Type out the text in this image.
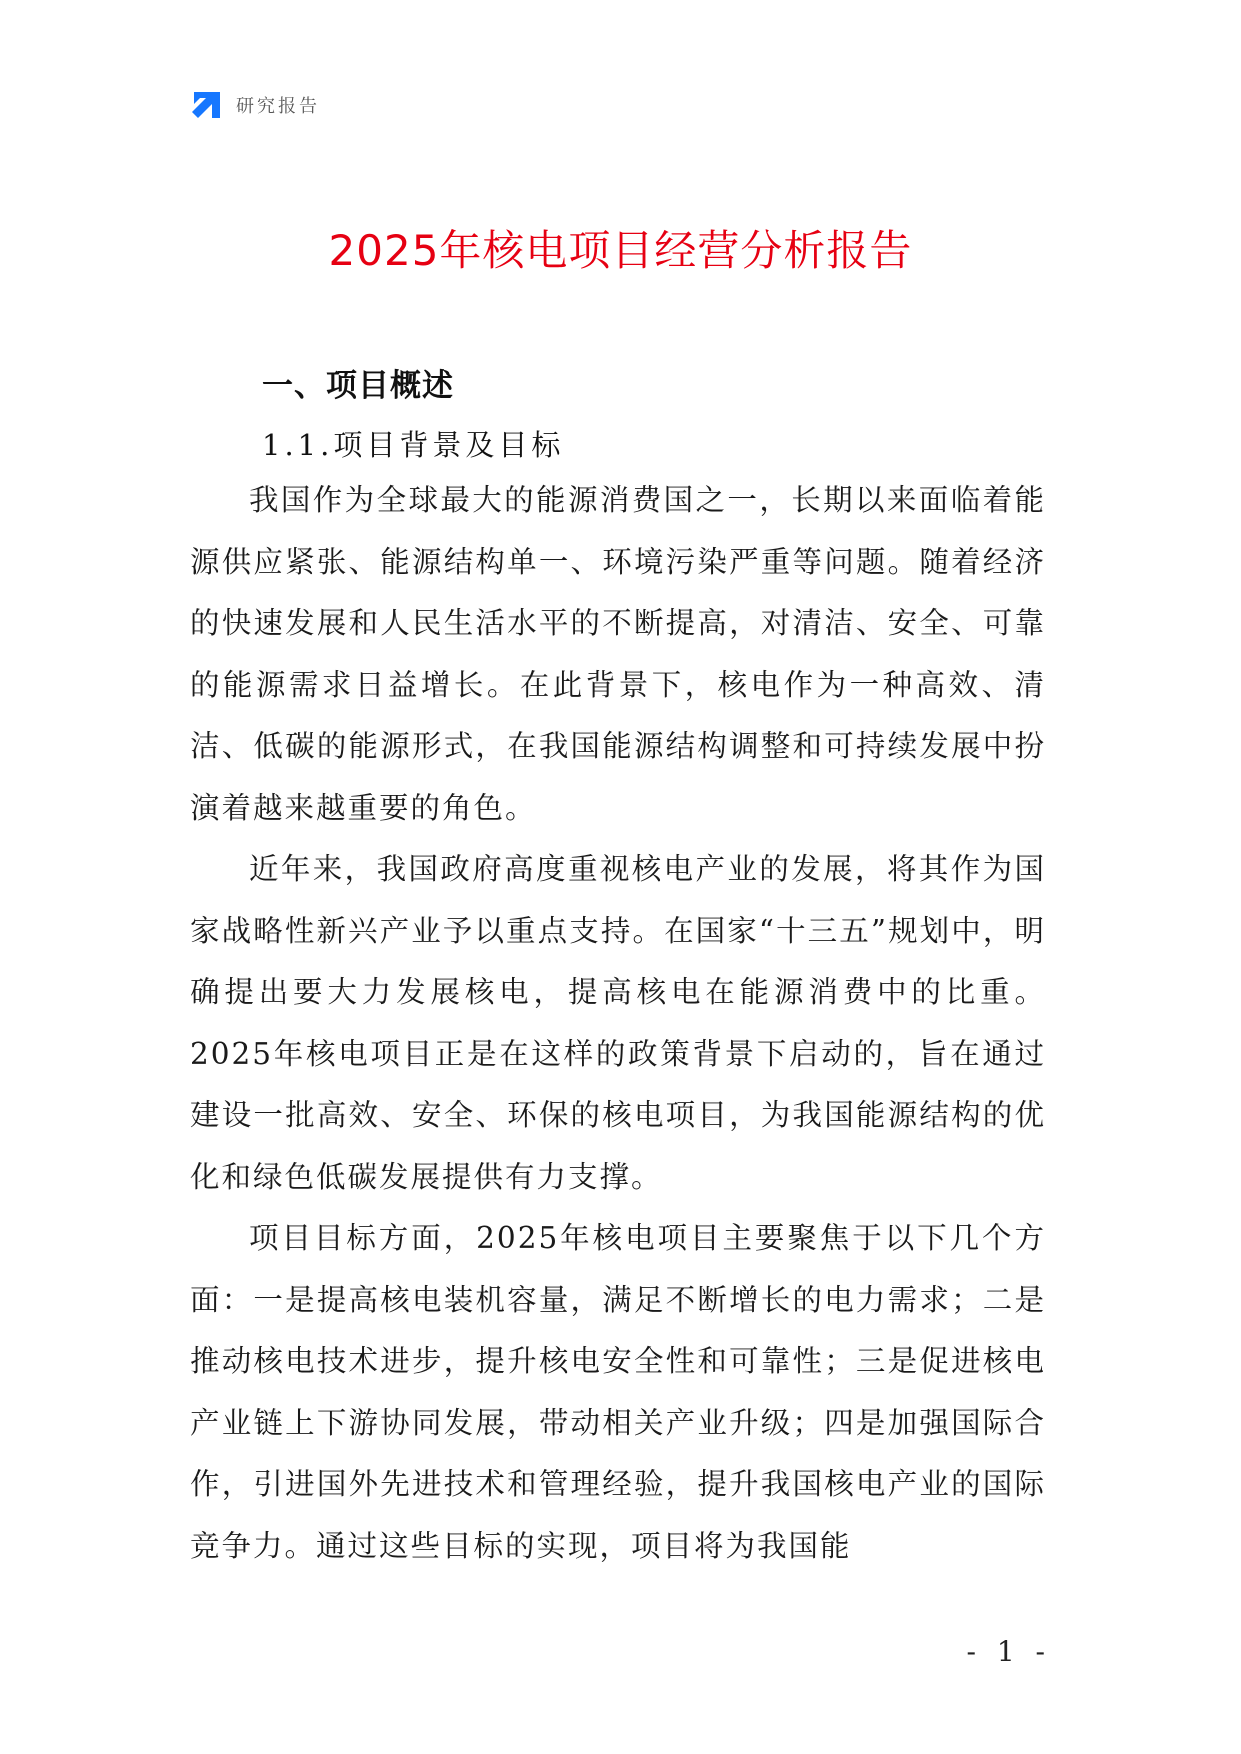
研究报告
2025年核电项目经营分析报告
一、项目概述
1.1.项目背景及目标

我国作为全球最大的能源消费国之一，长期以来面临着能源供应紧张、能源结构单一、环境污染严重等问题。随着经济的快速发展和人民生活水平的不断提高，对清洁、安全、可靠的能源需求日益增长。在此背景下，核电作为一种高效、清洁、低碳的能源形式，在我国能源结构调整和可持续发展中扮演着越来越重要的角色。

近年来，我国政府高度重视核电产业的发展，将其作为国家战略性新兴产业予以重点支持。在国家“十三五”规划中，明确提出要大力发展核电，提高核电在能源消费中的比重。2025年核电项目正是在这样的政策背景下启动的，旨在通过建设一批高效、安全、环保的核电项目，为我国能源结构的优化和绿色低碳发展提供有力支撑。

项目目标方面，2025年核电项目主要聚焦于以下几个方面：一是提高核电装机容量，满足不断增长的电力需求；二是推动核电技术进步，提升核电安全性和可靠性；三是促进核电产业链上下游协同发展，带动相关产业升级；四是加强国际合作，引进国外先进技术和管理经验，提升我国核电产业的国际竞争力。通过这些目标的实现，项目将为我国能

- 1 -
